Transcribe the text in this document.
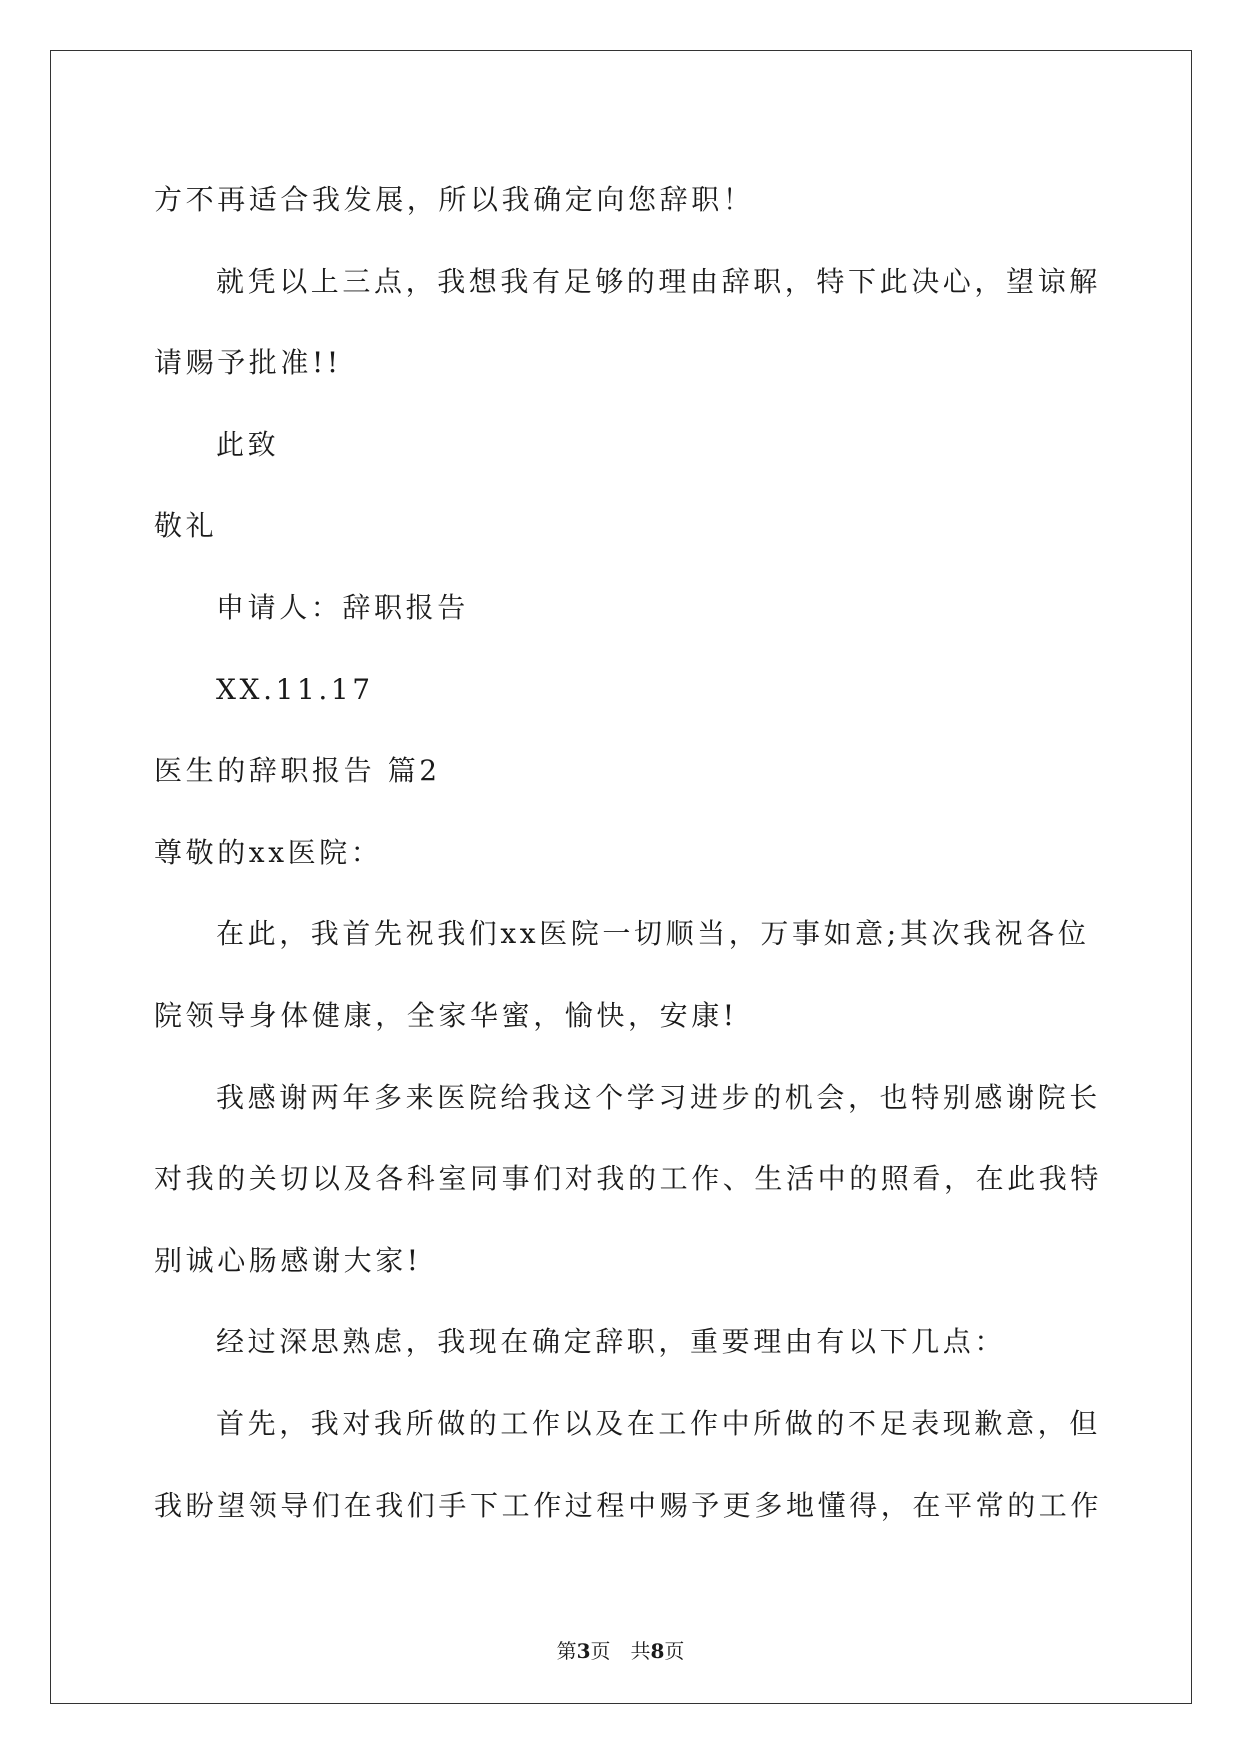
方不再适合我发展，所以我确定向您辞职！
就凭以上三点，我想我有足够的理由辞职，特下此决心，望谅解
请赐予批准!!
此致
敬礼
申请人：辞职报告
XX.11.17
医生的辞职报告 篇2
尊敬的xx医院：
在此，我首先祝我们xx医院一切顺当，万事如意;其次我祝各位
院领导身体健康，全家华蜜，愉快，安康!
我感谢两年多来医院给我这个学习进步的机会，也特别感谢院长
对我的关切以及各科室同事们对我的工作、生活中的照看，在此我特
别诚心肠感谢大家!
经过深思熟虑，我现在确定辞职，重要理由有以下几点：
首先，我对我所做的工作以及在工作中所做的不足表现歉意，但
我盼望领导们在我们手下工作过程中赐予更多地懂得，在平常的工作
第3页 共8页
